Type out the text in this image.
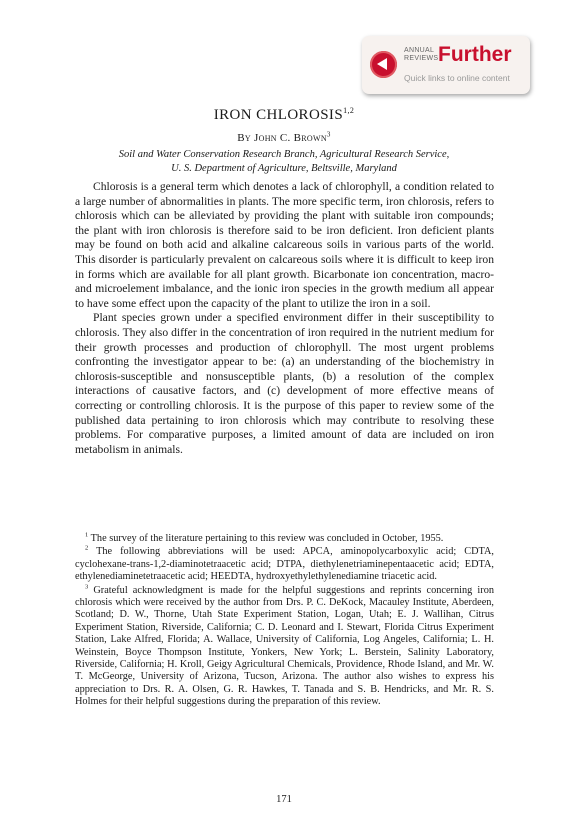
ANNUAL
REVIEWS Further
Quick links to online content
IRON CHLOROSIS$^{1,2}$
By John C. Brown$^3$
Soil and Water Conservation Research Branch, Agricultural Research Service,
U. S. Department of Agriculture, Beltsville, Maryland

Chlorosis is a general term which denotes a lack of chlorophyll, a condition related to a large number of abnormalities in plants. The more specific term, iron chlorosis, refers to chlorosis which can be alleviated by providing the plant with suitable iron compounds; the plant with iron chlorosis is therefore said to be iron deficient. Iron deficient plants may be found on both acid and alkaline calcareous soils in various parts of the world. This disorder is particularly prevalent on calcareous soils where it is difficult to keep iron in forms which are available for all plant growth. Bicarbonate ion concentration, macro- and microelement imbalance, and the ionic iron species in the growth medium all appear to have some effect upon the capacity of the plant to utilize the iron in a soil.

Plant species grown under a specified environment differ in their susceptibility to chlorosis. They also differ in the concentration of iron required in the nutrient medium for their growth processes and production of chlorophyll. The most urgent problems confronting the investigator appear to be: (a) an understanding of the biochemistry in chlorosis-susceptible and nonsusceptible plants, (b) a resolution of the complex interactions of causative factors, and (c) development of more effective means of correcting or controlling chlorosis. It is the purpose of this paper to review some of the published data pertaining to iron chlorosis which may contribute to resolving these problems. For comparative purposes, a limited amount of data are included on iron metabolism in animals.

$^1$ The survey of the literature pertaining to this review was concluded in October, 1955.

$^2$ The following abbreviations will be used: APCA, aminopolycarboxylic acid; CDTA, cyclohexane-trans-1,2-diaminotetraacetic acid; DTPA, diethylenetriaminepentaacetic acid; EDTA, ethylenediaminetetraacetic acid; HEEDTA, hydroxyethylethylenediamine triacetic acid.

$^3$ Grateful acknowledgment is made for the helpful suggestions and reprints concerning iron chlorosis which were received by the author from Drs. P. C. DeKock, Macauley Institute, Aberdeen, Scotland; D. W., Thorne, Utah State Experiment Station, Logan, Utah; E. J. Wallihan, Citrus Experiment Station, Riverside, California; C. D. Leonard and I. Stewart, Florida Citrus Experiment Station, Lake Alfred, Florida; A. Wallace, University of California, Log Angeles, California; L. H. Weinstein, Boyce Thompson Institute, Yonkers, New York; L. Berstein, Salinity Laboratory, Riverside, California; H. Kroll, Geigy Agricultural Chemicals, Providence, Rhode Island, and Mr. W. T. McGeorge, University of Arizona, Tucson, Arizona. The author also wishes to express his appreciation to Drs. R. A. Olsen, G. R. Hawkes, T. Tanada and S. B. Hendricks, and Mr. R. S. Holmes for their helpful suggestions during the preparation of this review.

171
